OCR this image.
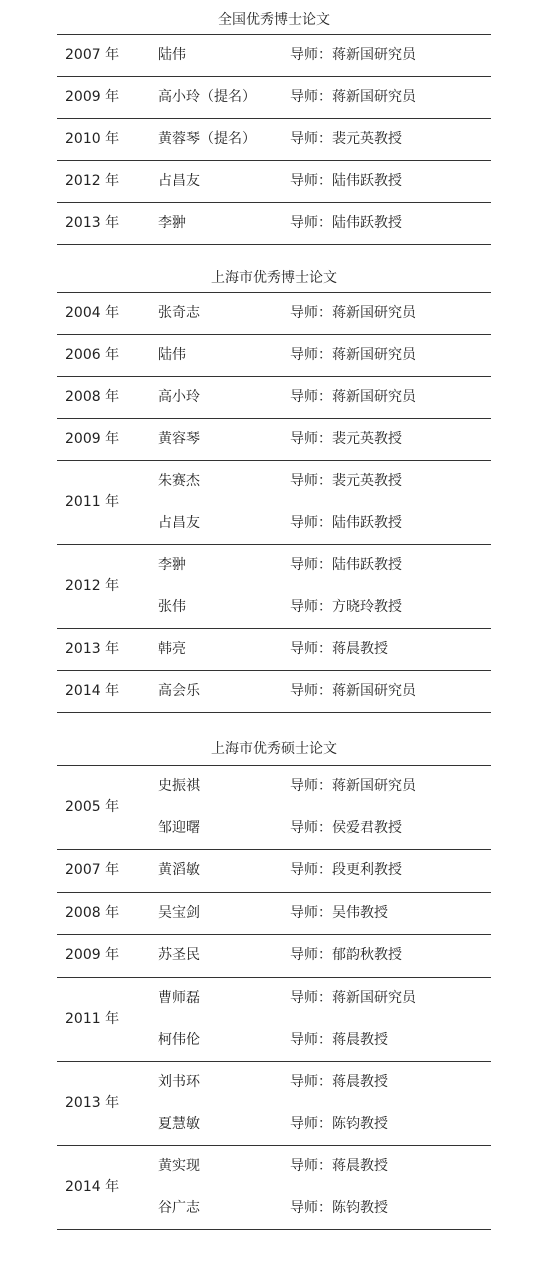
全国优秀博士论文
2007 年	陆伟	导师：蒋新国研究员
2009 年	高小玲（提名） 导师：蒋新国研究员
2010 年	黄蓉琴（提名） 导师：裴元英教授
2012 年	占昌友	导师：陆伟跃教授
2013 年	李翀	导师：陆伟跃教授
上海市优秀博士论文
2004 年	张奇志	导师：蒋新国研究员
2006 年	陆伟	导师：蒋新国研究员
2008 年	高小玲	导师：蒋新国研究员
2009 年	黄容琴	导师：裴元英教授
2011 年
朱赛杰	导师：裴元英教授
占昌友	导师：陆伟跃教授
2012 年
李翀	导师：陆伟跃教授
张伟	导师：方晓玲教授
2013 年	韩亮	导师：蒋晨教授
2014 年	高会乐	导师：蒋新国研究员
上海市优秀硕士论文
2005 年
史振祺	导师：蒋新国研究员
邹迎曙	导师：侯爱君教授
2007 年	黄滔敏	导师：段更利教授
2008 年	吴宝剑	导师：吴伟教授
2009 年	苏圣民	导师：郁韵秋教授
2011 年
曹师磊	导师：蒋新国研究员
柯伟伦	导师：蒋晨教授
2013 年
刘书环	导师：蒋晨教授
夏慧敏	导师：陈钧教授
2014 年
黄实现	导师：蒋晨教授
谷广志	导师：陈钧教授
